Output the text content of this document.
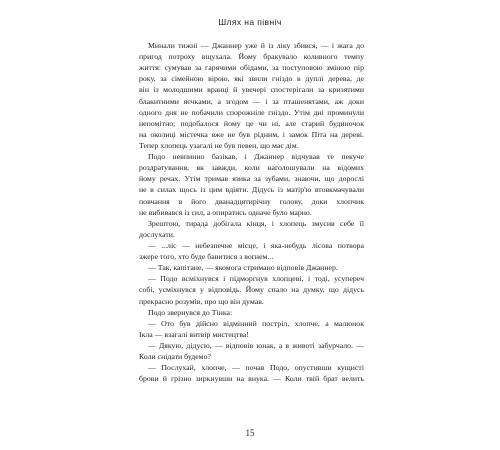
Шлях на північ
Минали тижні — Джаннер уже й із ліку збився, — і жага до
пригод потроху вщухала. Йому бракувало коливного темпу
життя: сумував за гарячими обідами, за поступовою зміною пір
року, за сімейною вірою, які звили гніздо в дуплі дерева, де
він із молодшими вранці й увечері спостерігали за кризятими
блакитними яєчками, а згодом — і за пташенятами, аж доки
одного дня не побачили спорожніле гніздо. Утім дні проминули
непомітно; подобалося йому це чи ні, але старий будиночок
на околиці містечка вже не був рідним, і замок Піта на дереві.
Тепер хлопець узагалі не був певен, що має дім.
Подо невпинно базікав, і Джаннер відчував те пекуче
роздратування, як завжди, коли наголошували на відомих
йому речах. Утім тримав язика за зубами, знаючи, що дорослі
не в силах щось із цим вдіяти. Дідусь із матір'ю втовкмачували
повчання в його дванадцятирічну голову, доки хлопчик
не вибивався із сил, а опиратись одначе було марно.
Зрештою, тирада добігала кінця, і хлопець змусив себе її
дослухати.
— ...ліс — небезпечне місце, і яка-небудь лісова потвора
зжере того, хто буде бавитися з вогнем...
— Так, капітане, — якомога стримано відповів Джаннер.
— Подо всміхнувся і підморгнув хлопцеві, і тоді, усупереч
собі, усміхнувся у відповідь. Йому спало на думку, що дідусь
прекрасно розумів, про що він думав.
Подо звернувся до Тінка:
— Ото був дійсно відмінний постріл, хлопче, а малюнок
Ікла — взагалі витвір мистецтва!
— Дякую, дідусю, — відповів юнак, а в животі забурчало. —
Коли снідати будемо?
— Послухай, хлопче, — почав Подо, опустивши кущисті
брови й грізно зиркнувши на внука. — Коли твій брат велить
15
